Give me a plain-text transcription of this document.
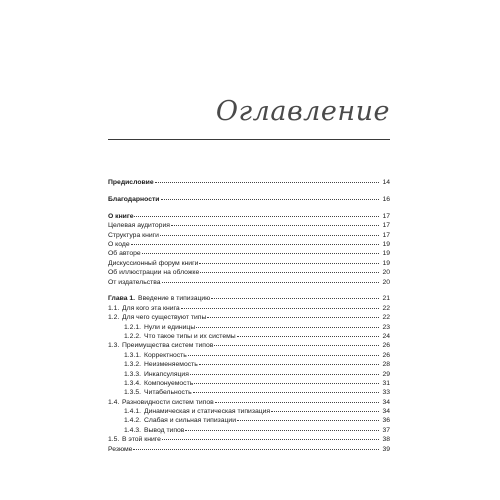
Оглавление
Предисловие	14
Благодарности	16
О книге	17
Целевая аудитория	17
Структура книги	17
О коде	19
Об авторе	19
Дискуссионный форум книги	19
Об иллюстрации на обложке	20
От издательства	20
Глава 1. Введение в типизацию	21
1.1. Для кого эта книга	22
1.2. Для чего существуют типы	22
1.2.1. Нули и единицы	23
1.2.2. Что такое типы и их системы	24
1.3. Преимущества систем типов	26
1.3.1. Корректность	26
1.3.2. Неизменяемость	28
1.3.3. Инкапсуляция	29
1.3.4. Компонуемость	31
1.3.5. Читабельность	33
1.4. Разновидности систем типов	34
1.4.1. Динамическая и статическая типизация	34
1.4.2. Слабая и сильная типизации	36
1.4.3. Вывод типов	37
1.5. В этой книге	38
Резюме	39
